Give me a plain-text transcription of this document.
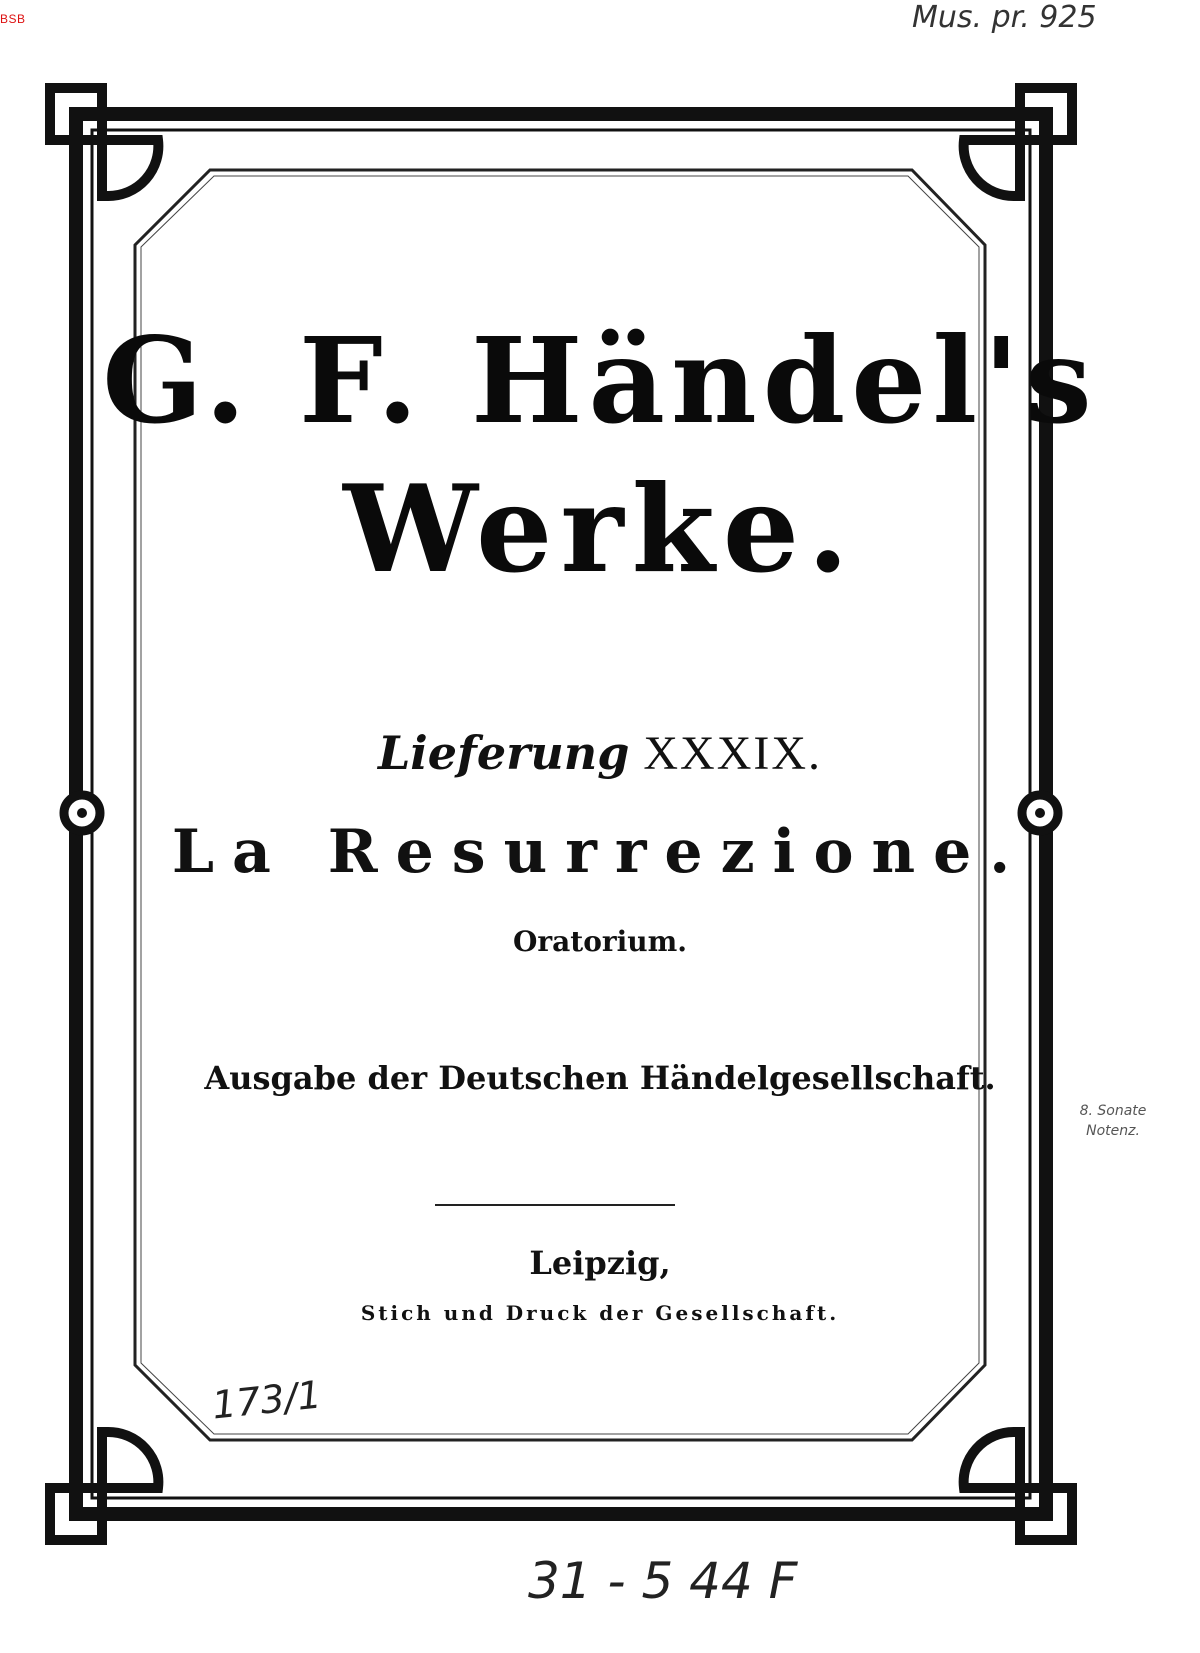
BSB
G. F. Händel's
Werke.
Lieferung XXXIX.
La Resurrezione.
Oratorium.
Ausgabe der Deutschen Händelgesellschaft.
Leipzig,
Stich und Druck der Gesellschaft.
Mus. pr. 925
173/1
31 - 5 44 F
8. Sonate Notenz.
